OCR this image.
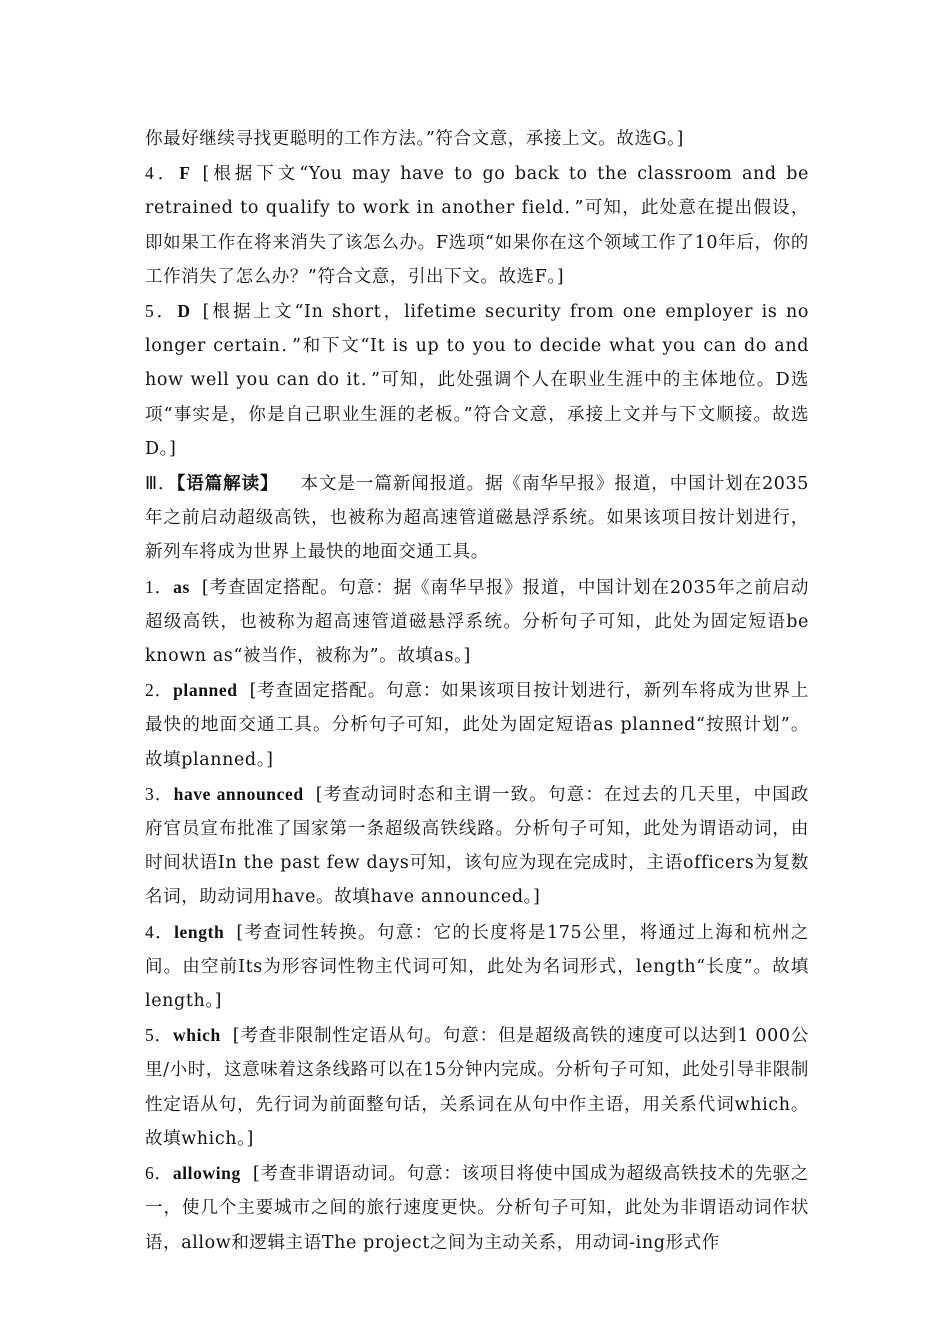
你最好继续寻找更聪明的工作方法。”符合文意，承接上文。故选G。]

4．F [根据下文“You may have to go back to the classroom and be retrained to qualify to work in another field．”可知，此处意在提出假设，即如果工作在将来消失了该怎么办。F选项“如果你在这个领域工作了10年后，你的工作消失了怎么办？”符合文意，引出下文。故选F。]

5．D [根据上文“In short，lifetime security from one employer is no longer certain．”和下文“It is up to you to decide what you can do and how well you can do it．”可知，此处强调个人在职业生涯中的主体地位。D选项“事实是，你是自己职业生涯的老板。”符合文意，承接上文并与下文顺接。故选D。]

Ⅲ．【语篇解读】 本文是一篇新闻报道。据《南华早报》报道，中国计划在2035年之前启动超级高铁，也被称为超高速管道磁悬浮系统。如果该项目按计划进行，新列车将成为世界上最快的地面交通工具。

1．as [考查固定搭配。句意：据《南华早报》报道，中国计划在2035年之前启动超级高铁，也被称为超高速管道磁悬浮系统。分析句子可知，此处为固定短语be known as“被当作，被称为”。故填as。]

2．planned [考查固定搭配。句意：如果该项目按计划进行，新列车将成为世界上最快的地面交通工具。分析句子可知，此处为固定短语as planned“按照计划”。故填planned。]

3．have announced [考查动词时态和主谓一致。句意：在过去的几天里，中国政府官员宣布批准了国家第一条超级高铁线路。分析句子可知，此处为谓语动词，由时间状语In the past few days可知，该句应为现在完成时，主语officers为复数名词，助动词用have。故填have announced。]

4．length [考查词性转换。句意：它的长度将是175公里，将通过上海和杭州之间。由空前Its为形容词性物主代词可知，此处为名词形式，length“长度”。故填length。]

5．which [考查非限制性定语从句。句意：但是超级高铁的速度可以达到1 000公里/小时，这意味着这条线路可以在15分钟内完成。分析句子可知，此处引导非限制性定语从句，先行词为前面整句话，关系词在从句中作主语，用关系代词which。故填which。]

6．allowing [考查非谓语动词。句意：该项目将使中国成为超级高铁技术的先驱之一，使几个主要城市之间的旅行速度更快。分析句子可知，此处为非谓语动词作状语，allow和逻辑主语The project之间为主动关系，用动词-ing形式作
